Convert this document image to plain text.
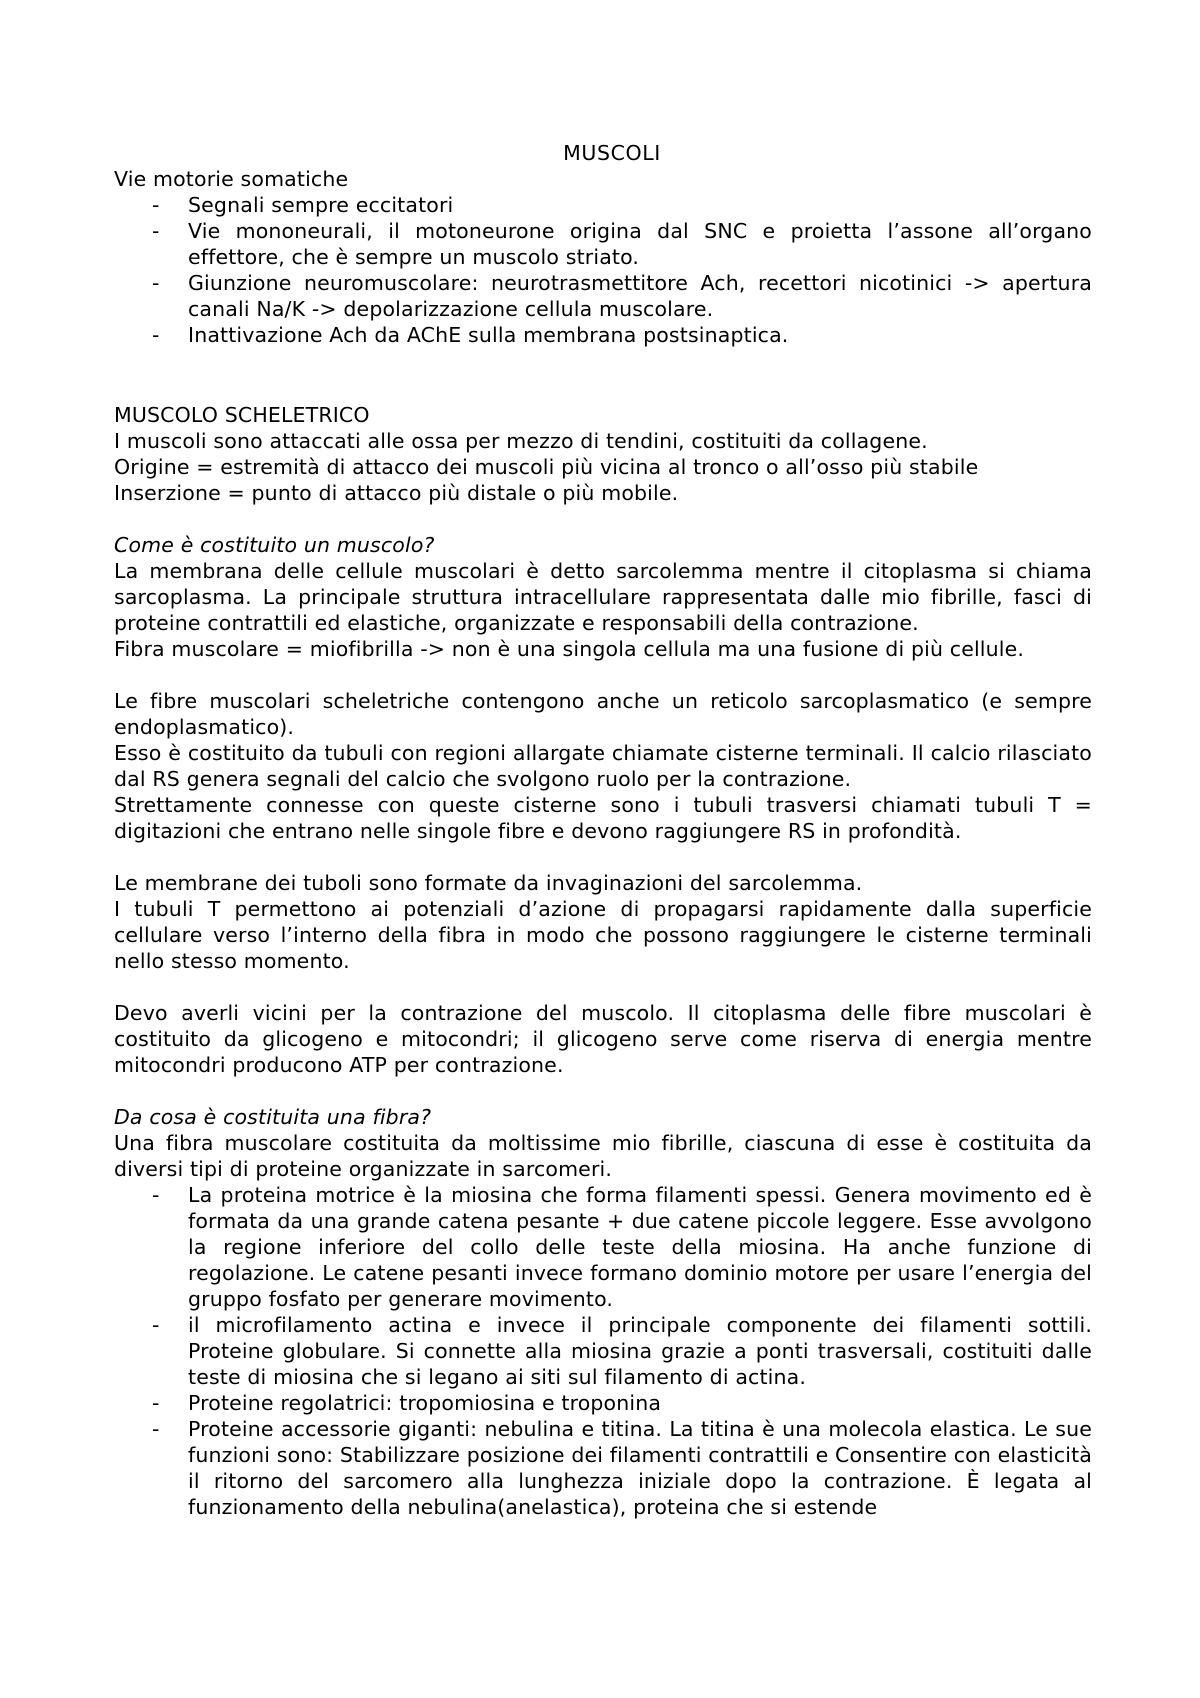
MUSCOLI
Vie motorie somatiche
- Segnali sempre eccitatori
- Vie mononeurali, il motoneurone origina dal SNC e proietta l’assone all’organo effettore, che è sempre un muscolo striato.
- Giunzione neuromuscolare: neurotrasmettitore Ach, recettori nicotinici -> apertura canali Na/K -> depolarizzazione cellula muscolare.
- Inattivazione Ach da AChE sulla membrana postsinaptica.
MUSCOLO SCHELETRICO

I muscoli sono attaccati alle ossa per mezzo di tendini, costituiti da collagene.

Origine = estremità di attacco dei muscoli più vicina al tronco o all’osso più stabile

Inserzione = punto di attacco più distale o più mobile.

Come è costituito un muscolo?

La membrana delle cellule muscolari è detto sarcolemma mentre il citoplasma si chiama sarcoplasma. La principale struttura intracellulare rappresentata dalle mio fibrille, fasci di proteine contrattili ed elastiche, organizzate e responsabili della contrazione.

Fibra muscolare = miofibrilla -> non è una singola cellula ma una fusione di più cellule.

Le fibre muscolari scheletriche contengono anche un reticolo sarcoplasmatico (e sempre endoplasmatico).

Esso è costituito da tubuli con regioni allargate chiamate cisterne terminali. Il calcio rilasciato dal RS genera segnali del calcio che svolgono ruolo per la contrazione.

Strettamente connesse con queste cisterne sono i tubuli trasversi chiamati tubuli T = digitazioni che entrano nelle singole fibre e devono raggiungere RS in profondità.

Le membrane dei tuboli sono formate da invaginazioni del sarcolemma.

I tubuli T permettono ai potenziali d’azione di propagarsi rapidamente dalla superficie cellulare verso l’interno della fibra in modo che possono raggiungere le cisterne terminali nello stesso momento.

Devo averli vicini per la contrazione del muscolo. Il citoplasma delle fibre muscolari è costituito da glicogeno e mitocondri; il glicogeno serve come riserva di energia mentre mitocondri producono ATP per contrazione.

Da cosa è costituita una fibra?

Una fibra muscolare costituita da moltissime mio fibrille, ciascuna di esse è costituita da diversi tipi di proteine organizzate in sarcomeri.

- La proteina motrice è la miosina che forma filamenti spessi. Genera movimento ed è formata da una grande catena pesante + due catene piccole leggere. Esse avvolgono la regione inferiore del collo delle teste della miosina. Ha anche funzione di regolazione. Le catene pesanti invece formano dominio motore per usare l’energia del gruppo fosfato per generare movimento.
- il microfilamento actina e invece il principale componente dei filamenti sottili. Proteine globulare. Si connette alla miosina grazie a ponti trasversali, costituiti dalle teste di miosina che si legano ai siti sul filamento di actina.
- Proteine regolatrici: tropomiosina e troponina
- Proteine accessorie giganti: nebulina e titina. La titina è una molecola elastica. Le sue funzioni sono: Stabilizzare posizione dei filamenti contrattili e Consentire con elasticità il ritorno del sarcomero alla lunghezza iniziale dopo la contrazione. È legata al funzionamento della nebulina(anelastica), proteina che si estende
